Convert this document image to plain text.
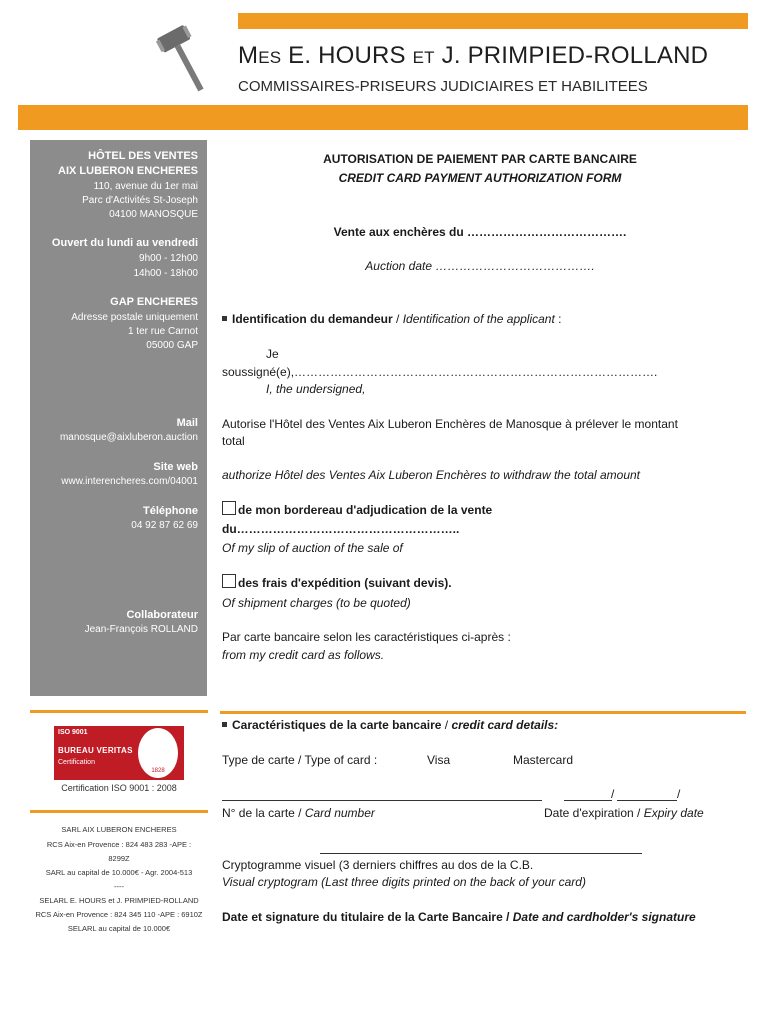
MES E. HOURS ET J. PRIMPIED-ROLLAND
COMMISSAIRES-PRISEURS JUDICIAIRES ET HABILITEES
HÔTEL DES VENTES
AIX LUBERON ENCHERES
110, avenue du 1er mai
Parc d'Activités St-Joseph
04100 MANOSQUE
Ouvert du lundi au vendredi
9h00 - 12h00
14h00 - 18h00
GAP ENCHERES
Adresse postale uniquement
1 ter rue Carnot
05000 GAP
Mail
manosque@aixluberon.auction
Site web
www.interencheres.com/04001
Téléphone
04 92 87 62 69
Collaborateur
Jean-François ROLLAND
ISO 9001
BUREAU VERITAS
Certification
1828
Certification ISO 9001 : 2008
SARL AIX LUBERON ENCHERES
RCS Aix-en Provence : 824 483 283 -APE :
8299Z
SARL au capital de 10.000€ - Agr. 2004-513
----
SELARL E. HOURS et J. PRIMPIED-ROLLAND
RCS Aix-en Provence : 824 345 110 -APE : 6910Z
SELARL au capital de 10.000€
AUTORISATION DE PAIEMENT PAR CARTE BANCAIRE
CREDIT CARD PAYMENT AUTHORIZATION FORM
Vente aux enchères du ………………………………….
Auction date ………………………………….
Identification du demandeur / Identification of the applicant :
Je
soussigné(e),……………………………………………………………………………….
I, the undersigned,
Autorise l'Hôtel des Ventes Aix Luberon Enchères de Manosque à prélever le montant
total
authorize Hôtel des Ventes Aix Luberon Enchères to withdraw the total amount
de mon bordereau d'adjudication de la vente
du………………………………………………..
Of my slip of auction of the sale of
des frais d'expédition (suivant devis).
Of shipment charges (to be quoted)
Par carte bancaire selon les caractéristiques ci-après :
from my credit card as follows.
Caractéristiques de la carte bancaire / credit card details:
Type de carte / Type of card :	Visa	Mastercard
/	/
N° de la carte / Card number	Date d'expiration / Expiry date
Cryptogramme visuel (3 derniers chiffres au dos de la C.B.
Visual cryptogram (Last three digits printed on the back of your card)
Date et signature du titulaire de la Carte Bancaire / Date and cardholder's signature
